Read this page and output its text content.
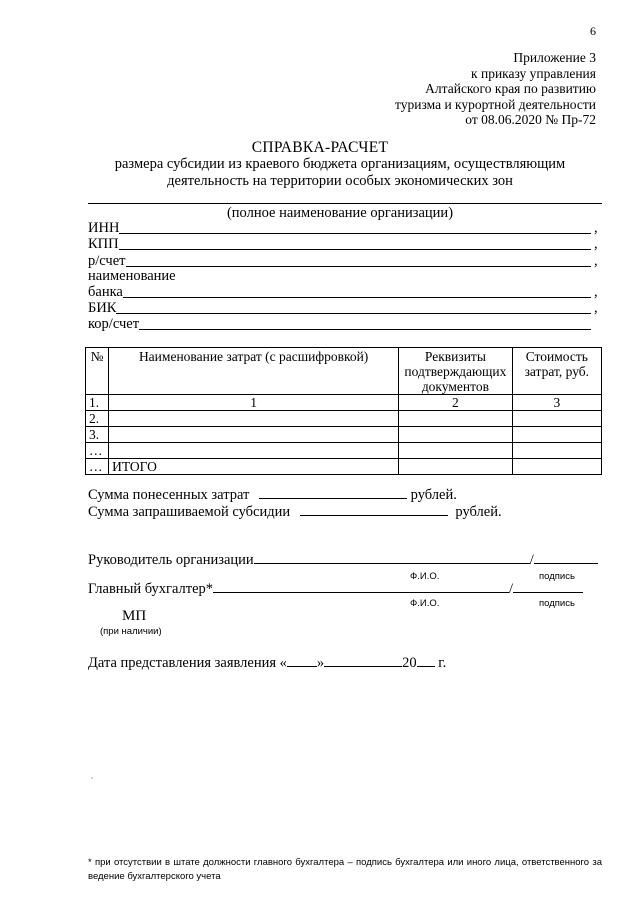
6
Приложение 3
к приказу управления
Алтайского края по развитию
туризма и курортной деятельности
от 08.06.2020 № Пр-72
СПРАВКА-РАСЧЕТ
размера субсидии из краевого бюджета организациям, осуществляющим
деятельность на территории особых экономических зон
(полное наименование организации)
ИНН	,
КПП	,
р/счет	,
наименование
банка	,
БИК	,
кор/счет
№	Наименование затрат (с расшифровкой)	Реквизиты подтверждающих документов	Стоимость затрат, руб.
1.	1	2	3
2.			
3.			
…			
…	ИТОГО		
Сумма понесенных затрат	рублей.
Сумма запрашиваемой субсидии	рублей.
Руководитель организации	/
Ф.И.О.	подпись
Главный бухгалтер*	/
Ф.И.О.	подпись
МП
(при наличии)
Дата представления заявления « »	20 г.
,
* при отсутствии в штате должности главного бухгалтера – подпись бухгалтера или иного лица, ответственного за ведение бухгалтерского учета
